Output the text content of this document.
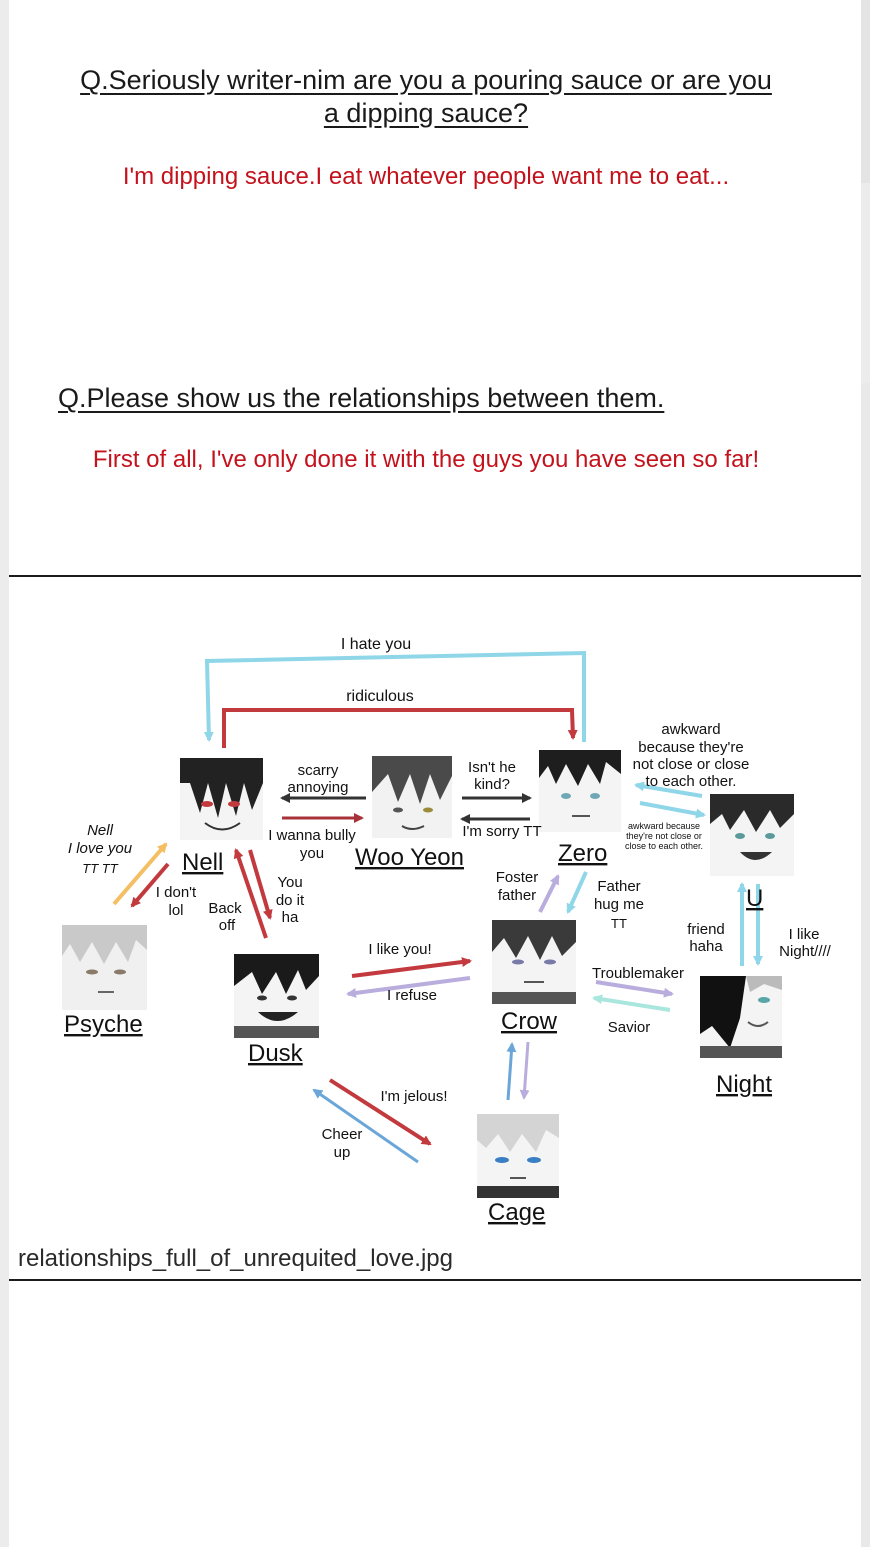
Q.Seriously writer-nim are you a pouring sauce or are you
a dipping sauce?
I'm dipping sauce.I eat whatever people want me to eat...
Q.Please show us the relationships between them.
First of all, I've only done it with the guys you have seen so far!
Nell	Woo Yeon	Zero
U
Psyche
Dusk
Crow
Night
Cage
I hate you
ridiculous
scarry
annoying
I wanna bully
you
Isn't he
kind?
I'm sorry TT
awkward
because they're
not close or close
to each other.
awkward because
they're not close or
close to each other.
Nell
I love you
TT TT
I don't
lol Back
off
You
do it
ha
Foster
father
Father
hug me
TT	friend
haha
I like
Night////
I like you!
I refuse
Troublemaker
Savior
I'm jelous!
Cheer
up
relationships_full_of_unrequited_love.jpg
